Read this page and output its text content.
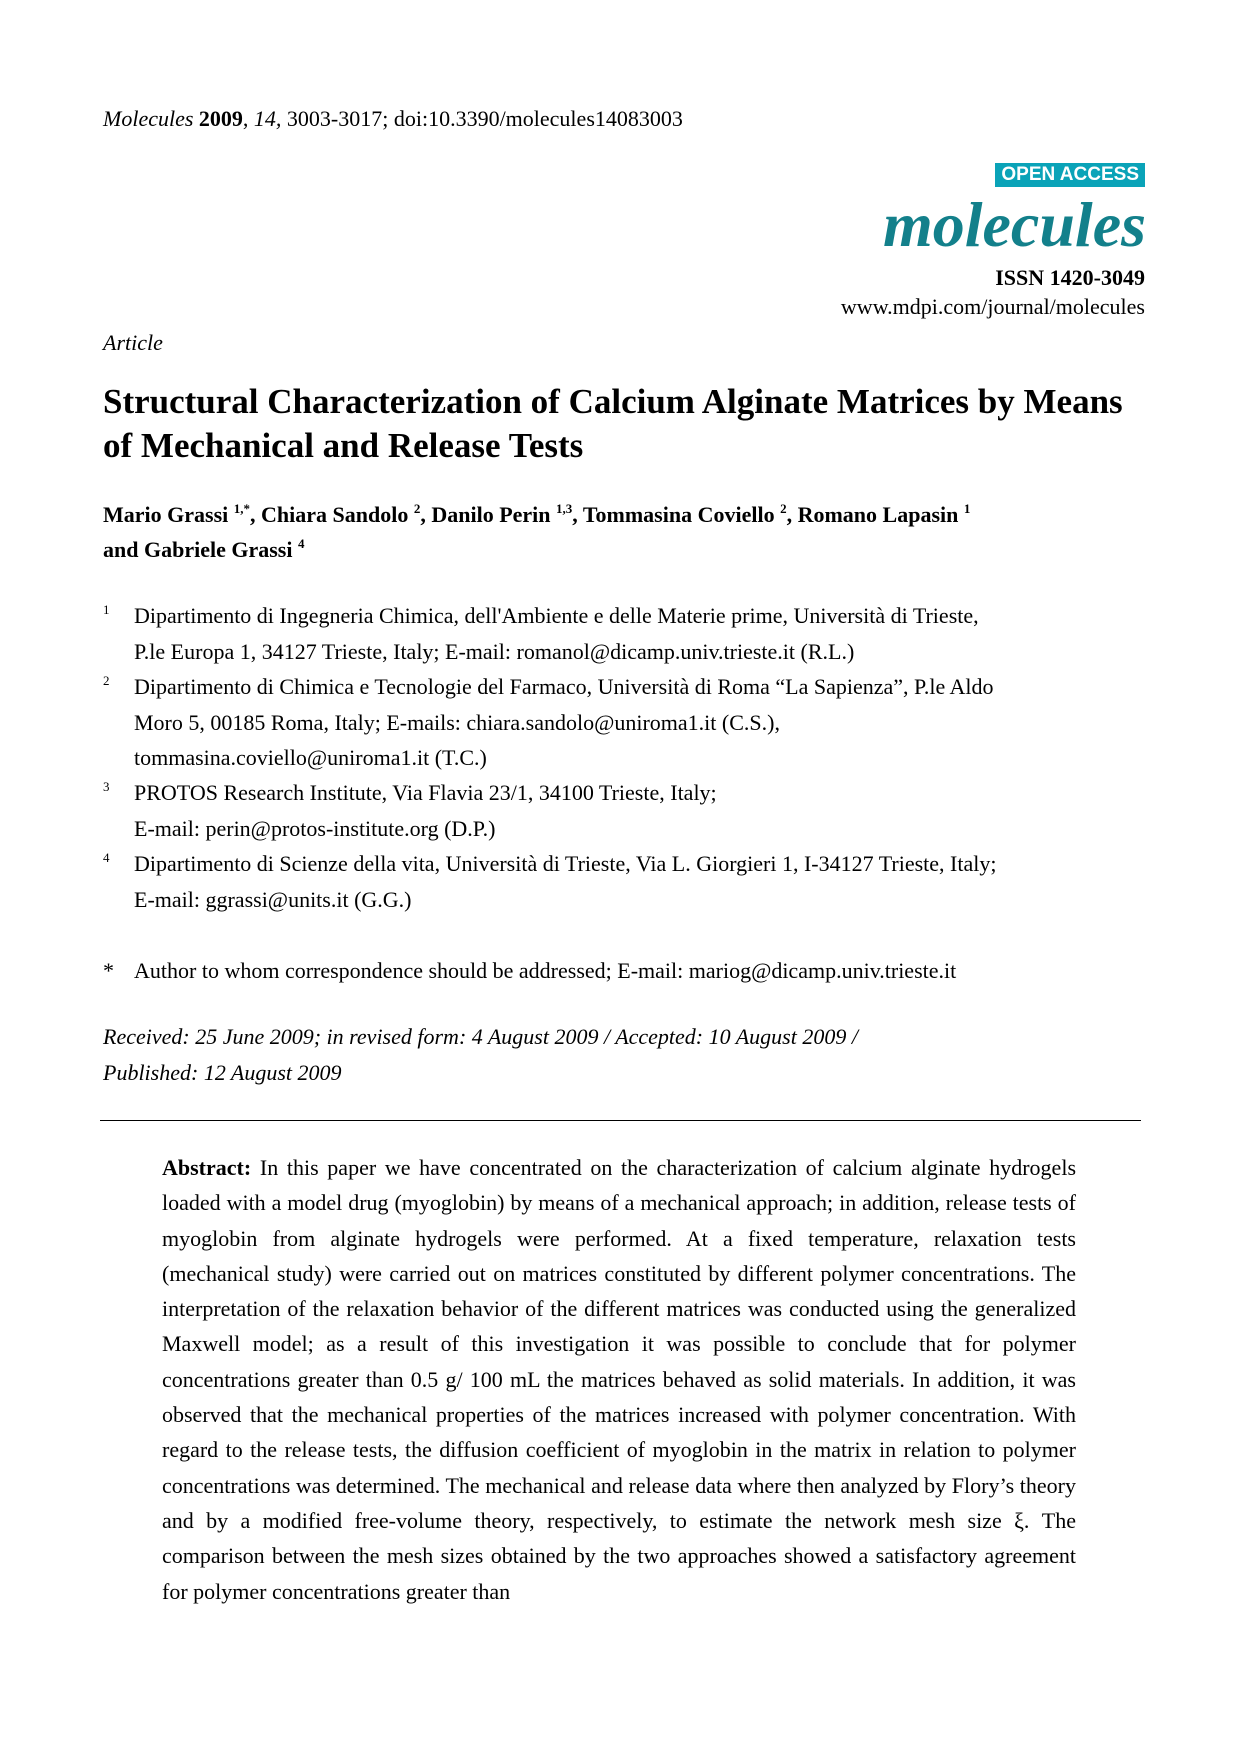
Molecules 2009, 14, 3003-3017; doi:10.3390/molecules14083003
OPEN ACCESS
molecules
ISSN 1420-3049
www.mdpi.com/journal/molecules
Article
Structural Characterization of Calcium Alginate Matrices by Means of Mechanical and Release Tests
Mario Grassi $^{1,*}$, Chiara Sandolo $^2$, Danilo Perin $^{1,3}$, Tommasina Coviello $^2$, Romano Lapasin $^1$
and Gabriele Grassi $^4$
1 Dipartimento di Ingegneria Chimica, dell'Ambiente e delle Materie prime, Università di Trieste,
P.le Europa 1, 34127 Trieste, Italy; E-mail: romanol@dicamp.univ.trieste.it (R.L.)
2 Dipartimento di Chimica e Tecnologie del Farmaco, Università di Roma “La Sapienza”, P.le Aldo
Moro 5, 00185 Roma, Italy; E-mails: chiara.sandolo@uniroma1.it (C.S.),
tommasina.coviello@uniroma1.it (T.C.)
3 PROTOS Research Institute, Via Flavia 23/1, 34100 Trieste, Italy;
E-mail: perin@protos-institute.org (D.P.)
4 Dipartimento di Scienze della vita, Università di Trieste, Via L. Giorgieri 1, I-34127 Trieste, Italy;
E-mail: ggrassi@units.it (G.G.)
* Author to whom correspondence should be addressed; E-mail: mariog@dicamp.univ.trieste.it
Received: 25 June 2009; in revised form: 4 August 2009 / Accepted: 10 August 2009 /
Published: 12 August 2009
Abstract: In this paper we have concentrated on the characterization of calcium alginate hydrogels loaded with a model drug (myoglobin) by means of a mechanical approach; in addition, release tests of myoglobin from alginate hydrogels were performed. At a fixed temperature, relaxation tests (mechanical study) were carried out on matrices constituted by different polymer concentrations. The interpretation of the relaxation behavior of the different matrices was conducted using the generalized Maxwell model; as a result of this investigation it was possible to conclude that for polymer concentrations greater than 0.5 g/ 100 mL the matrices behaved as solid materials. In addition, it was observed that the mechanical properties of the matrices increased with polymer concentration. With regard to the release tests, the diffusion coefficient of myoglobin in the matrix in relation to polymer concentrations was determined. The mechanical and release data where then analyzed by Flory’s theory and by a modified free-volume theory, respectively, to estimate the network mesh size ξ. The comparison between the mesh sizes obtained by the two approaches showed a satisfactory agreement for polymer concentrations greater than
